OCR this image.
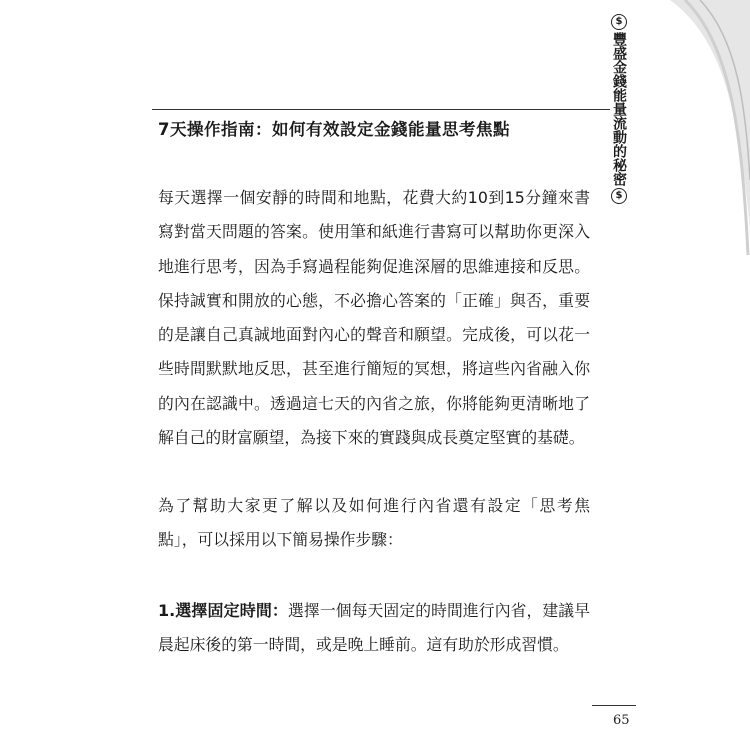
$
豐盛金錢能量流動的秘密
$
7天操作指南：如何有效設定金錢能量思考焦點

每天選擇一個安靜的時間和地點，花費大約10到15分鐘來書寫對當天問題的答案。使用筆和紙進行書寫可以幫助你更深入地進行思考，因為手寫過程能夠促進深層的思維連接和反思。保持誠實和開放的心態，不必擔心答案的「正確」與否，重要的是讓自己真誠地面對內心的聲音和願望。完成後，可以花一些時間默默地反思，甚至進行簡短的冥想，將這些內省融入你的內在認識中。透過這七天的內省之旅，你將能夠更清晰地了解自己的財富願望，為接下來的實踐與成長奠定堅實的基礎。

為了幫助大家更了解以及如何進行內省還有設定「思考焦點」，可以採用以下簡易操作步驟：

1.選擇固定時間：選擇一個每天固定的時間進行內省，建議早晨起床後的第一時間，或是晚上睡前。這有助於形成習慣。

65
